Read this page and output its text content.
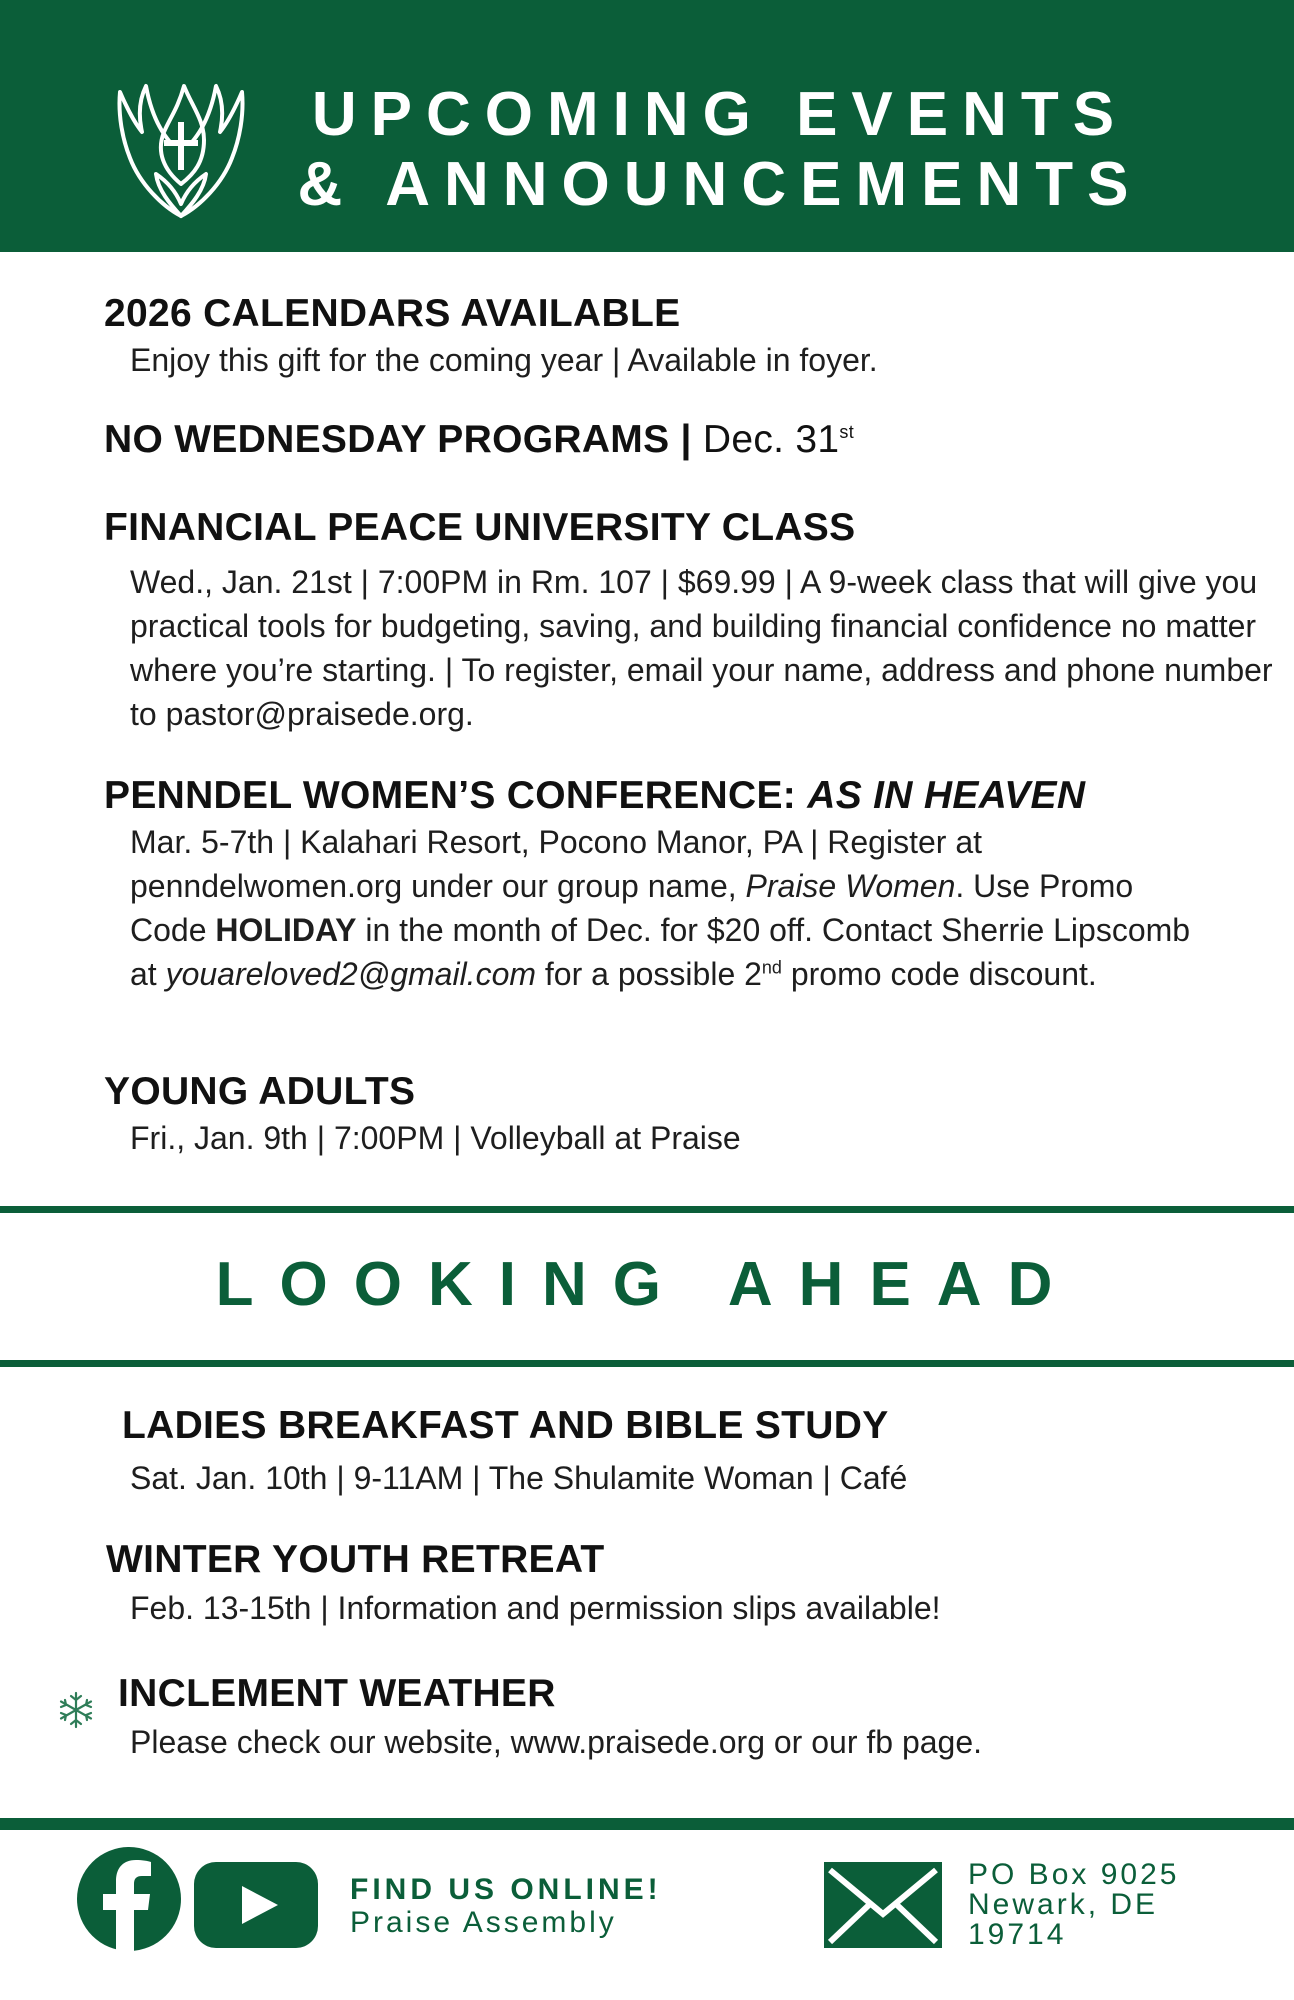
UPCOMING EVENTS
& ANNOUNCEMENTS
2026 CALENDARS AVAILABLE

Enjoy this gift for the coming year | Available in foyer.

NO WEDNESDAY PROGRAMS | Dec. 31st
FINANCIAL PEACE UNIVERSITY CLASS

Wed., Jan. 21st | 7:00PM in Rm. 107 | $69.99 | A 9-week class that will give you practical tools for budgeting, saving, and building financial confidence no matter where you’re starting. | To register, email your name, address and phone number to pastor@praisede.org.

PENNDEL WOMEN’S CONFERENCE: AS IN HEAVEN

Mar. 5-7th | Kalahari Resort, Pocono Manor, PA | Register at penndelwomen.org under our group name, Praise Women. Use Promo Code HOLIDAY in the month of Dec. for $20 off. Contact Sherrie Lipscomb at youareloved2@gmail.com for a possible 2nd promo code discount.

YOUNG ADULTS

Fri., Jan. 9th | 7:00PM | Volleyball at Praise

LOOKING AHEAD
LADIES BREAKFAST AND BIBLE STUDY

Sat. Jan. 10th | 9-11AM | The Shulamite Woman | Café

WINTER YOUTH RETREAT

Feb. 13-15th | Information and permission slips available!

INCLEMENT WEATHER

Please check our website, www.praisede.org or our fb page.

FIND US ONLINE!
Praise Assembly
PO Box 9025
Newark, DE
19714
